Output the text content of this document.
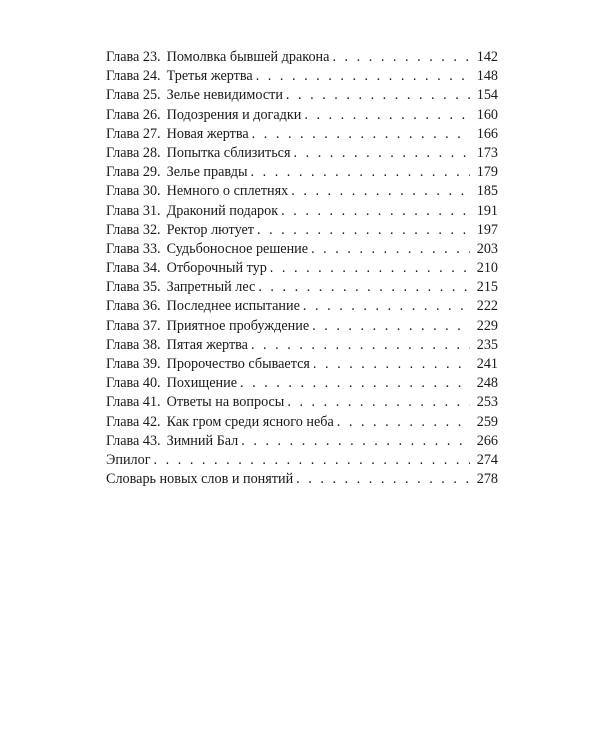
Глава 23. Помолвка бывшей дракона . . .	142
Глава 24. Третья жертва . . .	148
Глава 25. Зелье невидимости . . .	154
Глава 26. Подозрения и догадки . . .	160
Глава 27. Новая жертва . . .	166
Глава 28. Попытка сблизиться . . .	173
Глава 29. Зелье правды . . .	179
Глава 30. Немного о сплетнях . . .	185
Глава 31. Драконий подарок . . .	191
Глава 32. Ректор лютует . . .	197
Глава 33. Судьбоносное решение . . .	203
Глава 34. Отборочный тур . . .	210
Глава 35. Запретный лес . . .	215
Глава 36. Последнее испытание . . .	222
Глава 37. Приятное пробуждение . . .	229
Глава 38. Пятая жертва . . .	235
Глава 39. Пророчество сбывается . . .	241
Глава 40. Похищение . . .	248
Глава 41. Ответы на вопросы . . .	253
Глава 42. Как гром среди ясного неба . . .	259
Глава 43. Зимний Бал . . .	266
Эпилог . . .	274
Словарь новых слов и понятий . . .	278
